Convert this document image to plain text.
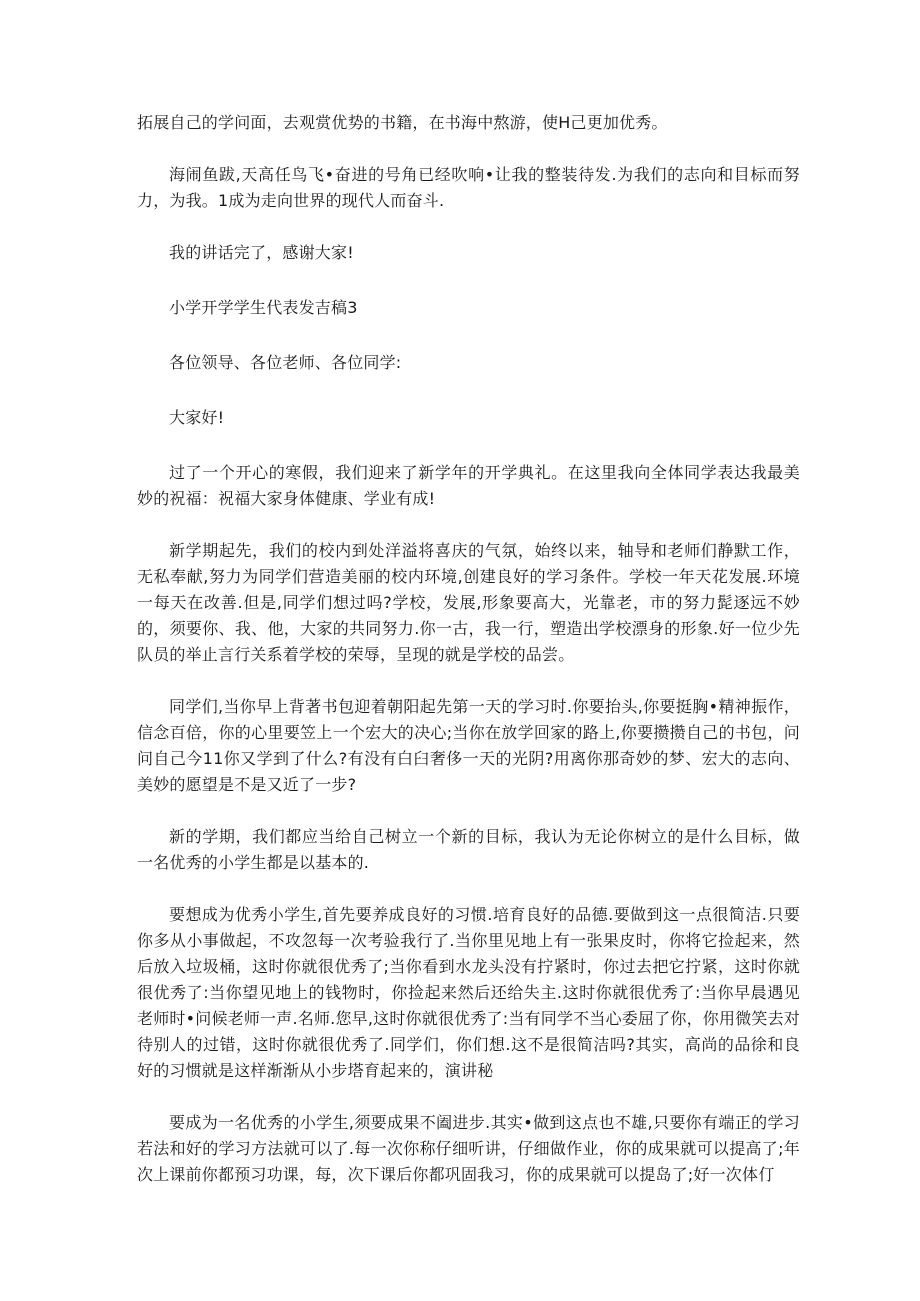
拓展自己的学问面，去观赏优势的书籍，在书海中熬游，使H己更加优秀。

海闹鱼跋,天高任鸟飞•奋进的号角已经吹响•让我的整装待发.为我们的志向和目标而努力，为我。1成为走向世界的现代人而奋斗.

我的讲话完了，感谢大家!

小学开学学生代表发吉稿3

各位领导、各位老师、各位同学:

大家好!

过了一个开心的寒假，我们迎来了新学年的开学典礼。在这里我向全体同学表达我最美妙的祝福：祝福大家身体健康、学业有成!

新学期起先，我们的校内到处洋溢将喜庆的气氛，始终以来，轴导和老师们静默工作，无私奉献,努力为同学们营造美丽的校内环境,创建良好的学习条件。学校一年天花发展.环境一每天在改善.但是,同学们想过吗?学校，发展,形象要高大，光靠老，市的努力髭逐远不妙的，须要你、我、他，大家的共同努力.你一古，我一行，塑造出学校漂身的形象.好一位少先队员的举止言行关系着学校的荣辱，呈现的就是学校的品尝。

同学们,当你早上背著书包迎着朝阳起先第一天的学习时.你要抬头,你要挺胸•精神振作，信念百倍，你的心里要笠上一个宏大的决心;当你在放学回家的路上,你要攒攒自己的书包，问问自己今11你又学到了什么?有没有白臼奢侈一天的光阴?用离你那奇妙的梦、宏大的志向、美妙的愿望是不是又近了一步?

新的学期，我们都应当给自己树立一个新的目标，我认为无论你树立的是什么目标，做一名优秀的小学生都是以基本的.

要想成为优秀小学生,首先要养成良好的习惯.培育良好的品德.要做到这一点很简洁.只要你多从小事做起，不攻忽每一次考验我行了.当你里见地上有一张果皮时，你将它捡起来，然后放入垃圾桶，这时你就很优秀了;当你看到水龙头没有拧紧时，你过去把它拧紧，这时你就很优秀了:当你望见地上的钱物时，你捡起来然后还给失主.这时你就很优秀了:当你早晨遇见老师时•问候老师一声.名师.您早,这时你就很优秀了:当有同学不当心委屈了你，你用微笑去对待别人的过错，这时你就很优秀了.同学们，你们想.这不是很简洁吗?其实，高尚的品徐和良好的习惯就是这样渐渐从小步塔育起来的，演讲秘

要成为一名优秀的小学生,须要成果不阖进步.其实•做到这点也不雄,只要你有端正的学习若法和好的学习方法就可以了.每一次你称仔细听讲，仔细做作业，你的成果就可以提高了;年次上课前你都预习功课，每，次下课后你都巩固我习，你的成果就可以提岛了;好一次体仃
